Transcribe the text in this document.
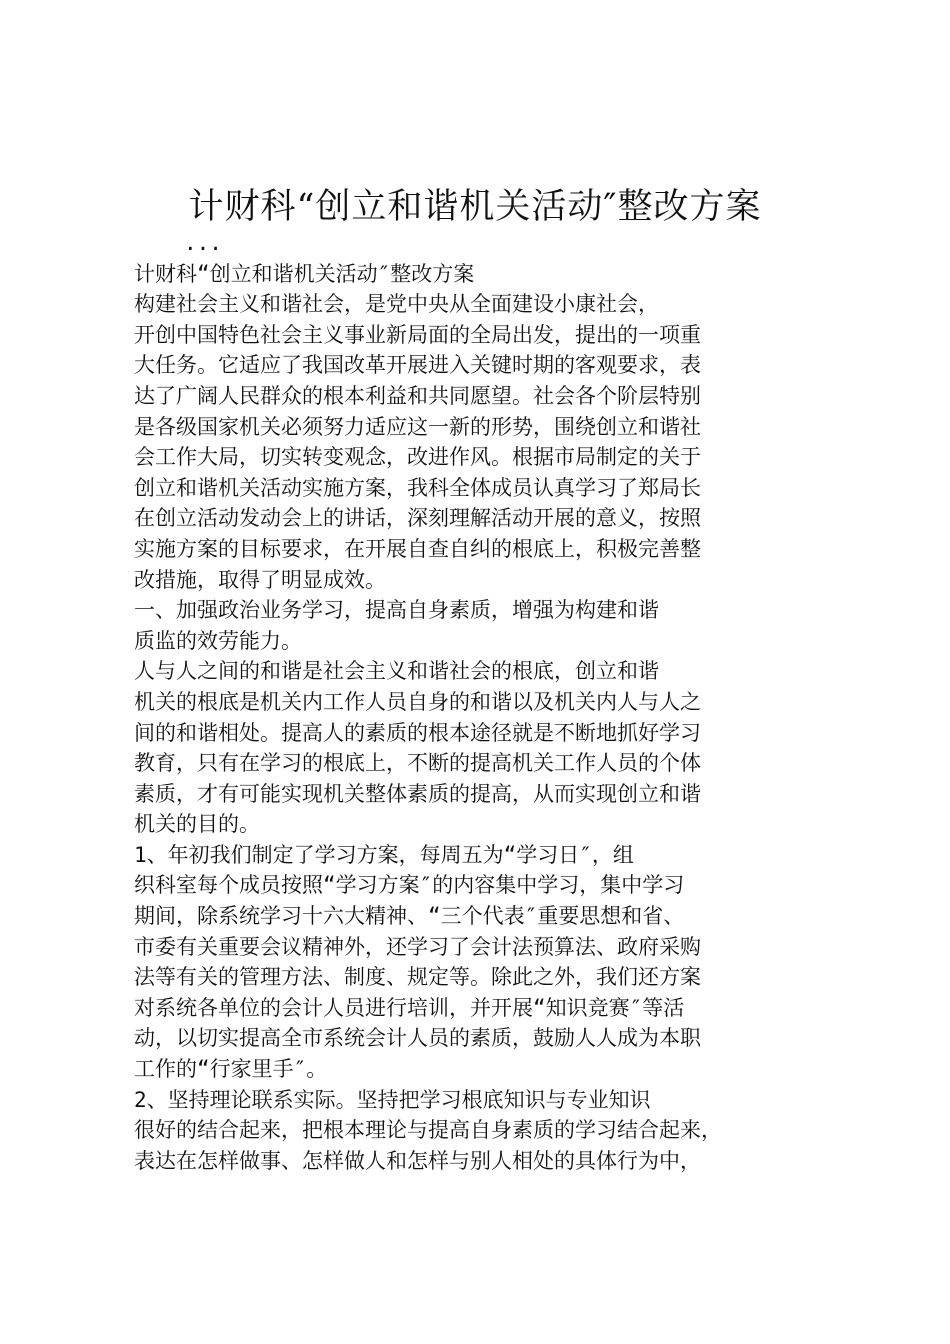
计财科“创立和谐机关活动″整改方案

...

计财科“创立和谐机关活动″整改方案

构建社会主义和谐社会，是党中央从全面建设小康社会，

开创中国特色社会主义事业新局面的全局出发，提出的一项重

大任务。它适应了我国改革开展进入关键时期的客观要求，表

达了广阔人民群众的根本利益和共同愿望。社会各个阶层特别

是各级国家机关必须努力适应这一新的形势，围绕创立和谐社

会工作大局，切实转变观念，改进作风。根据市局制定的关于

创立和谐机关活动实施方案，我科全体成员认真学习了郑局长

在创立活动发动会上的讲话，深刻理解活动开展的意义，按照

实施方案的目标要求，在开展自查自纠的根底上，积极完善整

改措施，取得了明显成效。

一、加强政治业务学习，提高自身素质，增强为构建和谐

质监的效劳能力。

人与人之间的和谐是社会主义和谐社会的根底，创立和谐

机关的根底是机关内工作人员自身的和谐以及机关内人与人之

间的和谐相处。提高人的素质的根本途径就是不断地抓好学习

教育，只有在学习的根底上，不断的提高机关工作人员的个体

素质，才有可能实现机关整体素质的提高，从而实现创立和谐

机关的目的。

1、年初我们制定了学习方案，每周五为“学习日″，组

织科室每个成员按照“学习方案″的内容集中学习，集中学习

期间，除系统学习十六大精神、“三个代表″重要思想和省、

市委有关重要会议精神外，还学习了会计法预算法、政府采购

法等有关的管理方法、制度、规定等。除此之外，我们还方案

对系统各单位的会计人员进行培训，并开展“知识竞赛″等活

动，以切实提高全市系统会计人员的素质，鼓励人人成为本职

工作的“行家里手″。

2、坚持理论联系实际。坚持把学习根底知识与专业知识

很好的结合起来，把根本理论与提高自身素质的学习结合起来，

表达在怎样做事、怎样做人和怎样与别人相处的具体行为中，
